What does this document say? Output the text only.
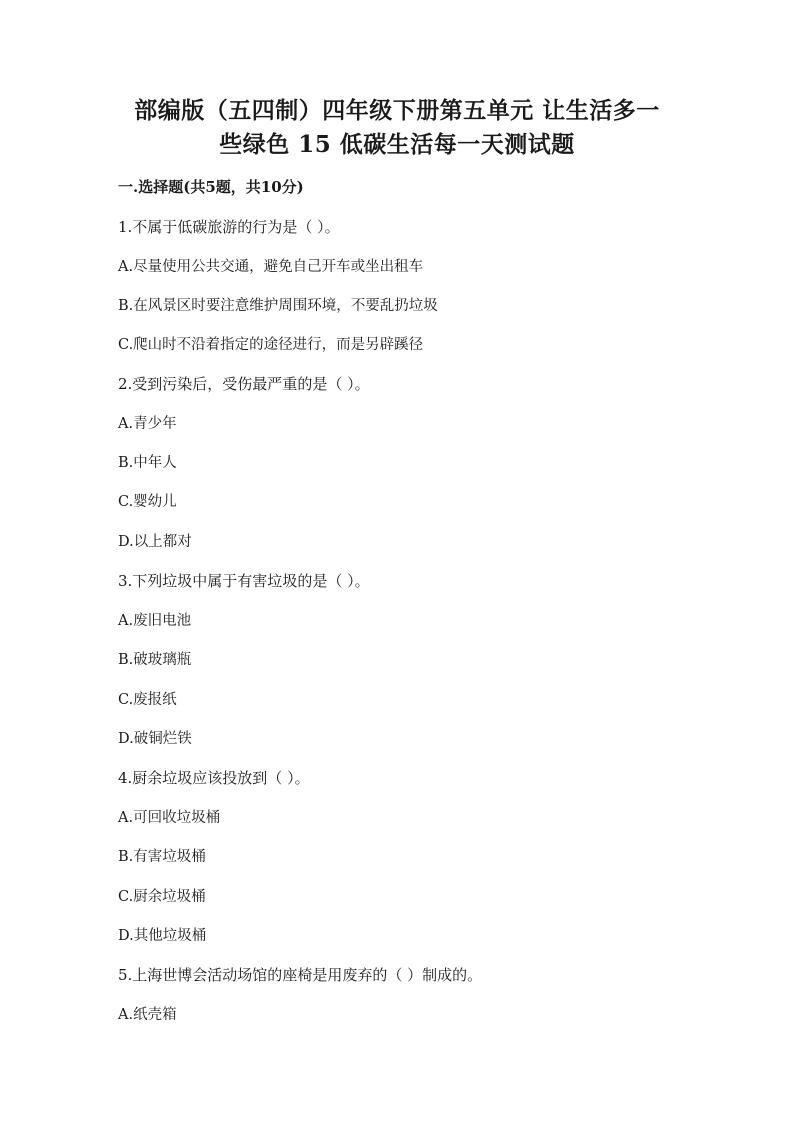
部编版（五四制）四年级下册第五单元 让生活多一
些绿色 15 低碳生活每一天测试题
一.选择题(共5题，共10分)
1.不属于低碳旅游的行为是（ ）。
A.尽量使用公共交通，避免自己开车或坐出租车
B.在风景区时要注意维护周围环境，不要乱扔垃圾
C.爬山时不沿着指定的途径进行，而是另辟蹊径
2.受到污染后，受伤最严重的是（ ）。
A.青少年
B.中年人
C.婴幼儿
D.以上都对
3.下列垃圾中属于有害垃圾的是（ ）。
A.废旧电池
B.破玻璃瓶
C.废报纸
D.破铜烂铁
4.厨余垃圾应该投放到（ ）。
A.可回收垃圾桶
B.有害垃圾桶
C.厨余垃圾桶
D.其他垃圾桶
5.上海世博会活动场馆的座椅是用废弃的（ ）制成的。
A.纸壳箱
